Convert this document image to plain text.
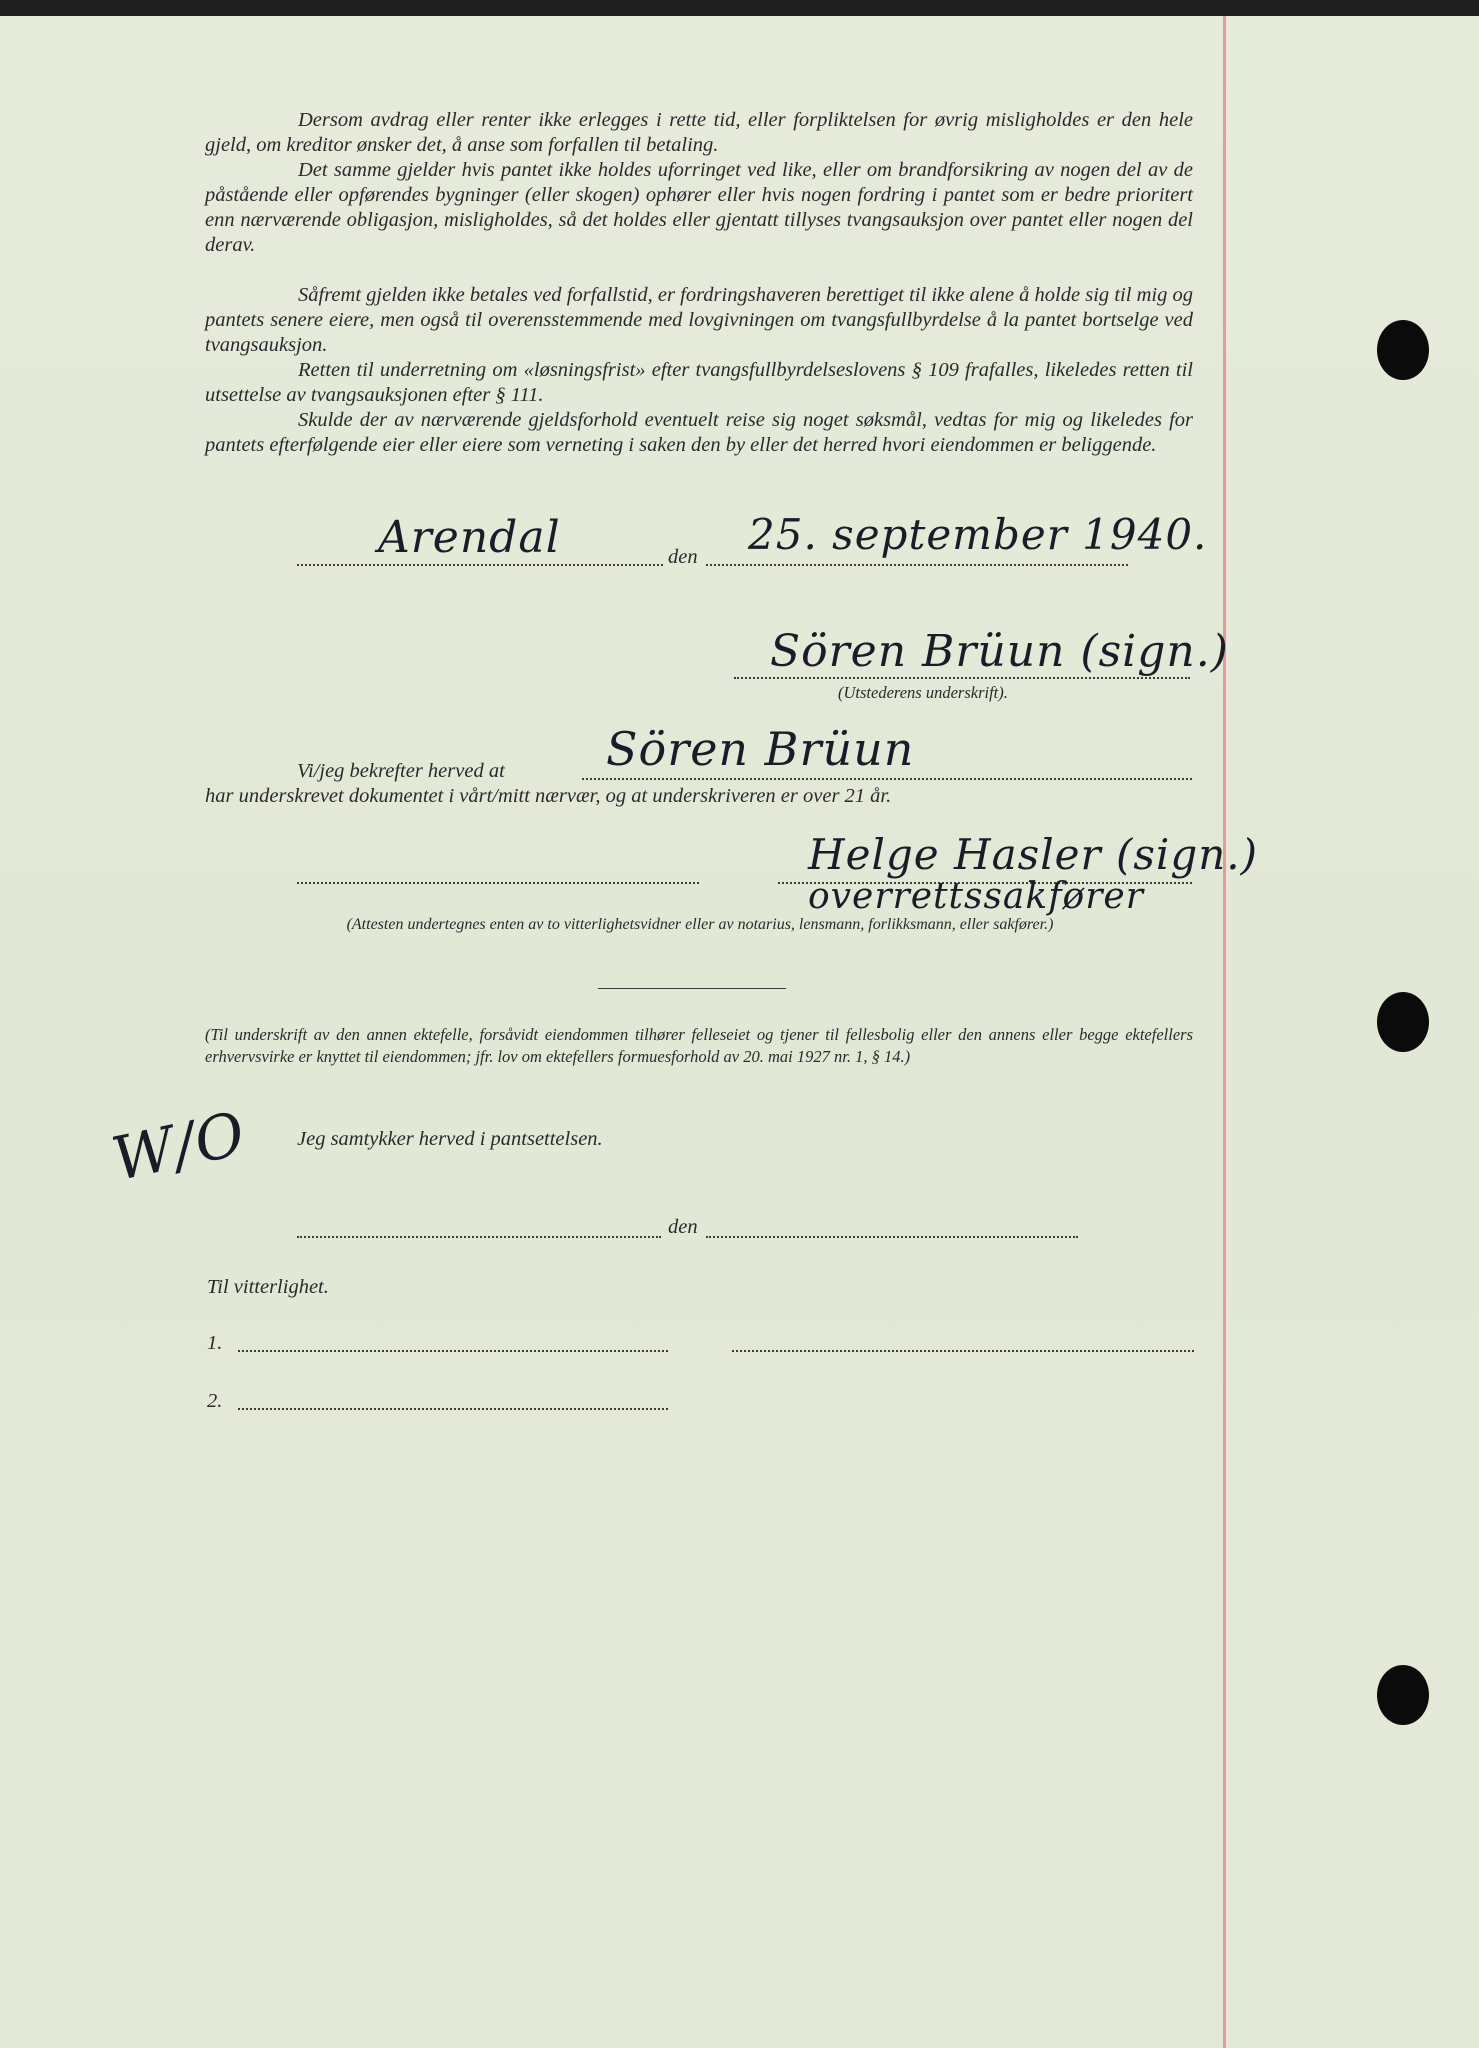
Dersom avdrag eller renter ikke erlegges i rette tid, eller forpliktelsen for øvrig misligholdes er den hele gjeld, om kreditor ønsker det, å anse som forfallen til betaling.

Det samme gjelder hvis pantet ikke holdes uforringet ved like, eller om brandforsikring av nogen del av de påstående eller opførendes bygninger (eller skogen) ophører eller hvis nogen fordring i pantet som er bedre prioritert enn nærværende obligasjon, misligholdes, så det holdes eller gjentatt tillyses tvangsauksjon over pantet eller nogen del derav.

Såfremt gjelden ikke betales ved forfallstid, er fordringshaveren berettiget til ikke alene å holde sig til mig og pantets senere eiere, men også til overensstemmende med lovgivningen om tvangsfullbyrdelse å la pantet bortselge ved tvangsauksjon.

Retten til underretning om «løsningsfrist» efter tvangsfullbyrdelseslovens § 109 frafalles, likeledes retten til utsettelse av tvangsauksjonen efter § 111.

Skulde der av nærværende gjeldsforhold eventuelt reise sig noget søksmål, vedtas for mig og likeledes for pantets efterfølgende eier eller eiere som verneting i saken den by eller det herred hvori eiendommen er beliggende.

Arendal	den 25. september 1940.
Sören Brüun (sign.)
(Utstederens underskrift).
Vi/jeg bekrefter herved at Sören Brüun
har underskrevet dokumentet i vårt/mitt nærvær, og at underskriveren er over 21 år.
Helge Hasler (sign.)
overrettssakfører
(Attesten undertegnes enten av to vitterlighetsvidner eller av notarius, lensmann, forlikksmann, eller sakfører.)
(Til underskrift av den annen ektefelle, forsåvidt eiendommen tilhører felleseiet og tjener til fellesbolig eller den annens eller begge ektefellers erhvervsvirke er knyttet til eiendommen; jfr. lov om ektefellers formuesforhold av 20. mai 1927 nr. 1, § 14.)
W/O Jeg samtykker herved i pantsettelsen.
den
Til vitterlighet.
1.
2.
